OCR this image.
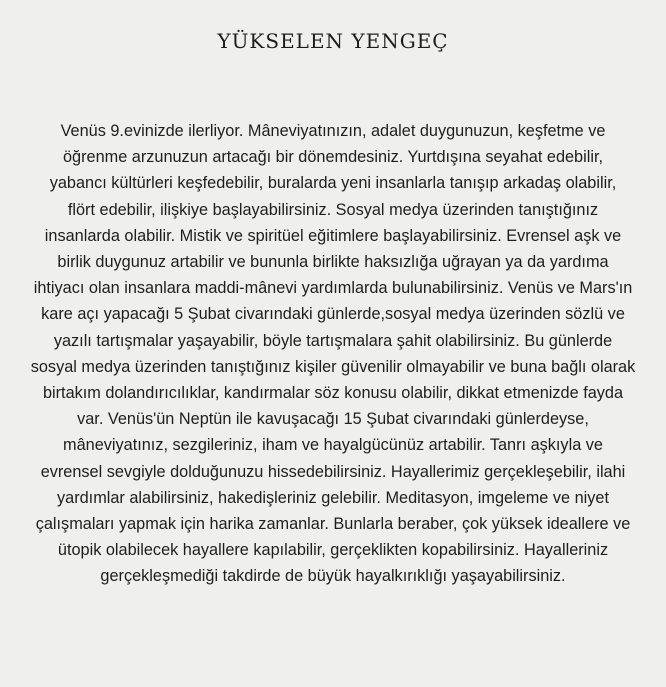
YÜKSELEN YENGEÇ
Venüs 9.evinizde ilerliyor. Mâneviyatınızın, adalet duygunuzun, keşfetme ve
öğrenme arzunuzun artacağı bir dönemdesiniz. Yurtdışına seyahat edebilir,
yabancı kültürleri keşfedebilir, buralarda yeni insanlarla tanışıp arkadaş olabilir,
flört edebilir, ilişkiye başlayabilirsiniz. Sosyal medya üzerinden tanıştığınız
insanlarda olabilir. Mistik ve spiritüel eğitimlere başlayabilirsiniz. Evrensel aşk ve
birlik duygunuz artabilir ve bununla birlikte haksızlığa uğrayan ya da yardıma
ihtiyacı olan insanlara maddi-mânevi yardımlarda bulunabilirsiniz. Venüs ve Mars'ın
kare açı yapacağı 5 Şubat civarındaki günlerde,sosyal medya üzerinden sözlü ve
yazılı tartışmalar yaşayabilir, böyle tartışmalara şahit olabilirsiniz. Bu günlerde
sosyal medya üzerinden tanıştığınız kişiler güvenilir olmayabilir ve buna bağlı olarak
birtakım dolandırıcılıklar, kandırmalar söz konusu olabilir, dikkat etmenizde fayda
var. Venüs'ün Neptün ile kavuşacağı 15 Şubat civarındaki günlerdeyse,
mâneviyatınız, sezgileriniz, iham ve hayalgücünüz artabilir. Tanrı aşkıyla ve
evrensel sevgiyle dolduğunuzu hissedebilirsiniz. Hayallerimiz gerçekleşebilir, ilahi
yardımlar alabilirsiniz, hakedişleriniz gelebilir. Meditasyon, imgeleme ve niyet
çalışmaları yapmak için harika zamanlar. Bunlarla beraber, çok yüksek ideallere ve
ütopik olabilecek hayallere kapılabilir, gerçeklikten kopabilirsiniz. Hayalleriniz
gerçekleşmediği takdirde de büyük hayalkırıklığı yaşayabilirsiniz.
